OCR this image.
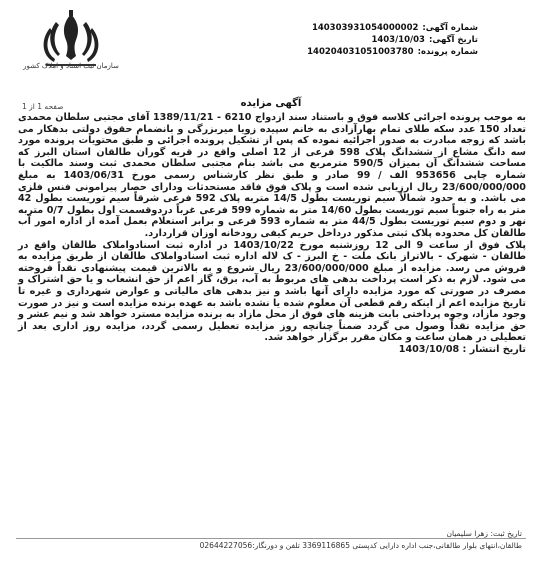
شماره آگهی:
140303931054000002
تاریخ آگهی:
1403/10/03
شماره پرونده:
140204031051003780
سازمان ثبت اسناد و املاک کشور
صفحه 1 از 1	آگهی مزایده

به موجب پرونده اجرائی کلاسه فوق و باستناد سند ازدواج 6210 - 1389/11/21 آقای مجتبی سلطان محمدی تعداد 150 عدد سکه طلای تمام بهارآزادی به خانم سپیده زویا میربزرگی و بانضمام حقوق دولتی بدهکار می باشد که زوجه مبادرت به صدور اجرائیه نموده که پس از تشکیل پرونده اجرائی و طبق محتویات پرونده مورد سه دانگ مشاع از ششدانگ پلاک 598 فرعی از 12 اصلی واقع در قریه گوران طالقان استان البرز که مساحت ششدانگ آن بمیزان 590/5 مترمربع می باشد بنام مجتبی سلطان محمدی ثبت وسند مالکیت با شماره چاپی 953656 الف / 99 صادر و طبق نظر کارشناس رسمی مورخ 1403/06/31 به مبلغ 23/600/000/000 ریال ارزیابی شده است و پلاک فوق فاقد مستحدثات ودارای حصار پیرامونی فنس فلزی می باشد. و به حدود شمالاً سیم توریست بطول 14/5 متربه پلاک 592 فرعی شرقاً سیم توریست بطول 42 متر به راه جنوباً سیم توریست بطول 14/60 متر به شماره 599 فرعی غرباً دردوقسمت اول بطول 0/7 متربه نهر و دوم سیم توریست بطول 44/5 متر به شماره 593 فرعی و برابر استعلام بعمل آمده از اداره امور آب طالقان کل محدوده پلاک ثبتی مذکور درداخل حریم کیفی رودخانه اوزان قراردارد.

پلاک فوق از ساعت 9 الی 12 روزشنبه مورخ 1403/10/22 در اداره ثبت اسنادواملاک طالقان واقع در طالقان - شهرک - بالاتراز بانک ملت - خ البرز - ک لاله اداره ثبت اسنادواملاک طالقان از طریق مزایده به فروش می رسد. مزایده از مبلغ 23/600/000/000 ریال شروع و به بالاترین قیمت پیشنهادی نقداً فروخته می شود. لازم به ذکر است پرداخت بدهی های مربوط به آب، برق، گاز اعم از حق انشعاب و یا حق اشتراک و مصرف در صورتی که مورد مزایده دارای آنها باشد و نیز بدهی های مالیاتی و عوارض شهرداری و غیره تا تاریخ مزایده اعم از اینکه رقم قطعی آن معلوم شده یا نشده باشد به عهده برنده مزایده است و نیز در صورت وجود مازاد، وجوه پرداختی بابت هزینه های فوق از محل مازاد به برنده مزایده مسترد خواهد شد و نیم عشر و حق مزایده نقداً وصول می گردد ضمناً چنانچه روز مزایده تعطیل رسمی گردد، مزایده روز اداری بعد از تعطیلی در همان ساعت و مکان مقرر برگزار خواهد شد.

تاریخ انتشار : 1403/10/08

تاریخ ثبت: زهرا سلیمیان
طالقان،انتهای بلوار طالقانی،جنب اداره دارایی کدپستی 3369116865 تلفن و دورنگار:02644227056
